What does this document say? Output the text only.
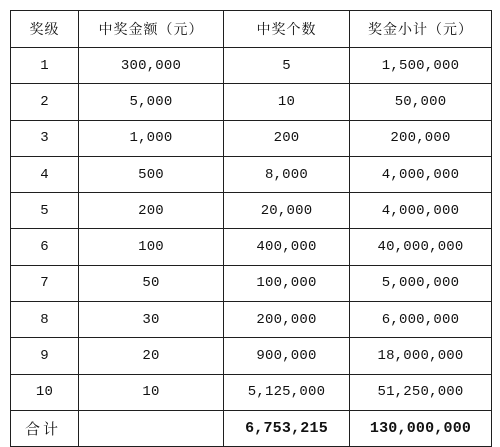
奖级	中奖金额（元）	中奖个数	奖金小计（元）
1	300,000	5	1,500,000
2	5,000	10	50,000
3	1,000	200	200,000
4	500	8,000	4,000,000
5	200	20,000	4,000,000
6	100	400,000	40,000,000
7	50	100,000	5,000,000
8	30	200,000	6,000,000
9	20	900,000	18,000,000
10	10	5,125,000	51,250,000
合计		6,753,215	130,000,000
